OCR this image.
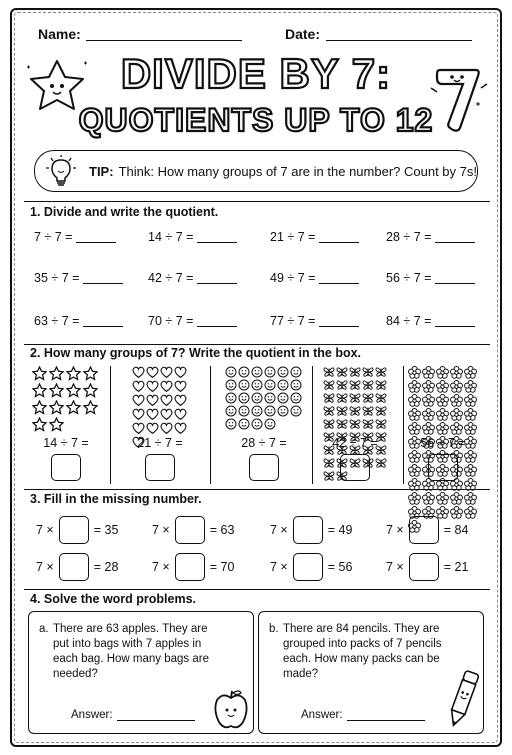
Name:	Date:
DIVIDE BY 7:
QUOTIENTS UP TO 12
TIP: Think: How many groups of 7 are in the number? Count by 7s!
1. Divide and write the quotient.
7 ÷ 7 =	14 ÷ 7 =	21 ÷ 7 =	28 ÷ 7 =
35 ÷ 7 =	42 ÷ 7 =	49 ÷ 7 =	56 ÷ 7 =
63 ÷ 7 =	70 ÷ 7 =	77 ÷ 7 =	84 ÷ 7 =
2. How many groups of 7? Write the quotient in the box.
14 ÷ 7 =	21 ÷ 7 =	28 ÷ 7 =	42 ÷ 7 =	56 ÷ 7 =
3. Fill in the missing number.
7 ×	= 35	7 ×	= 63	7 ×	= 49	7 ×	= 84
7 ×	= 28	7 ×	= 70	7 ×	= 56	7 ×	= 21
4. Solve the word problems.
a. There are 63 apples. They are
put into bags with 7 apples in
each bag. How many bags are
needed?
Answer:
b. There are 84 pencils. They are
grouped into packs of 7 pencils
each. How many packs can be
made?
Answer:
